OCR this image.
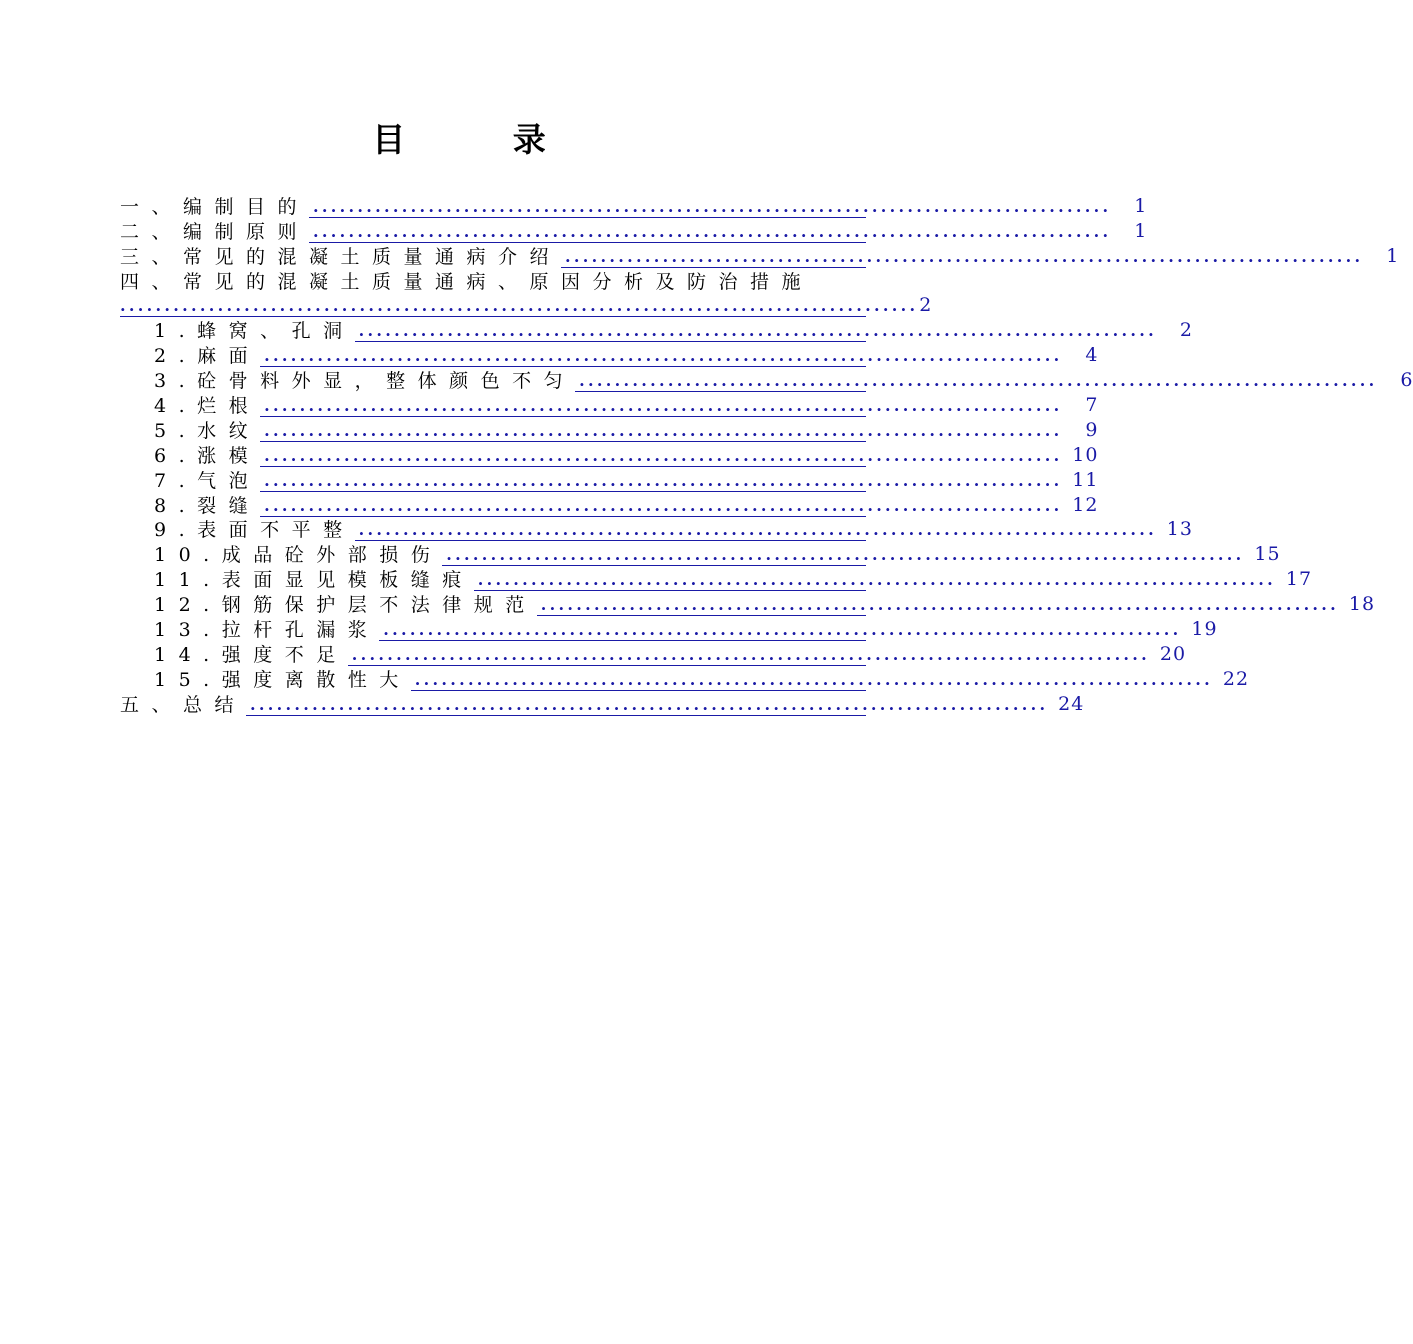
目 录
一、编制目的 ..........................................................................................	1
二、编制原则 ..........................................................................................	1
三、常见的混凝土质量通病介绍 ..........................................................................................	1
四、常见的混凝土质量通病、原因分析及防治措施
.......................................................................................... 2
1.蜂窝、孔洞 ..........................................................................................	2
2.麻面 ..........................................................................................	4
3.砼骨料外显，整体颜色不匀 ..........................................................................................	6
4.烂根 ..........................................................................................	7
5.水纹 ..........................................................................................	9
6.涨模 .......................................................................................... 10
7.气泡 .......................................................................................... 11
8.裂缝 .......................................................................................... 12
9.表面不平整 .......................................................................................... 13
10.成品砼外部损伤 .......................................................................................... 15
11.表面显见模板缝痕 .......................................................................................... 17
12.钢筋保护层不法律规范 .......................................................................................... 18
13.拉杆孔漏浆 .......................................................................................... 19
14.强度不足 .......................................................................................... 20
15.强度离散性大 .......................................................................................... 22
五、总结 .......................................................................................... 24
